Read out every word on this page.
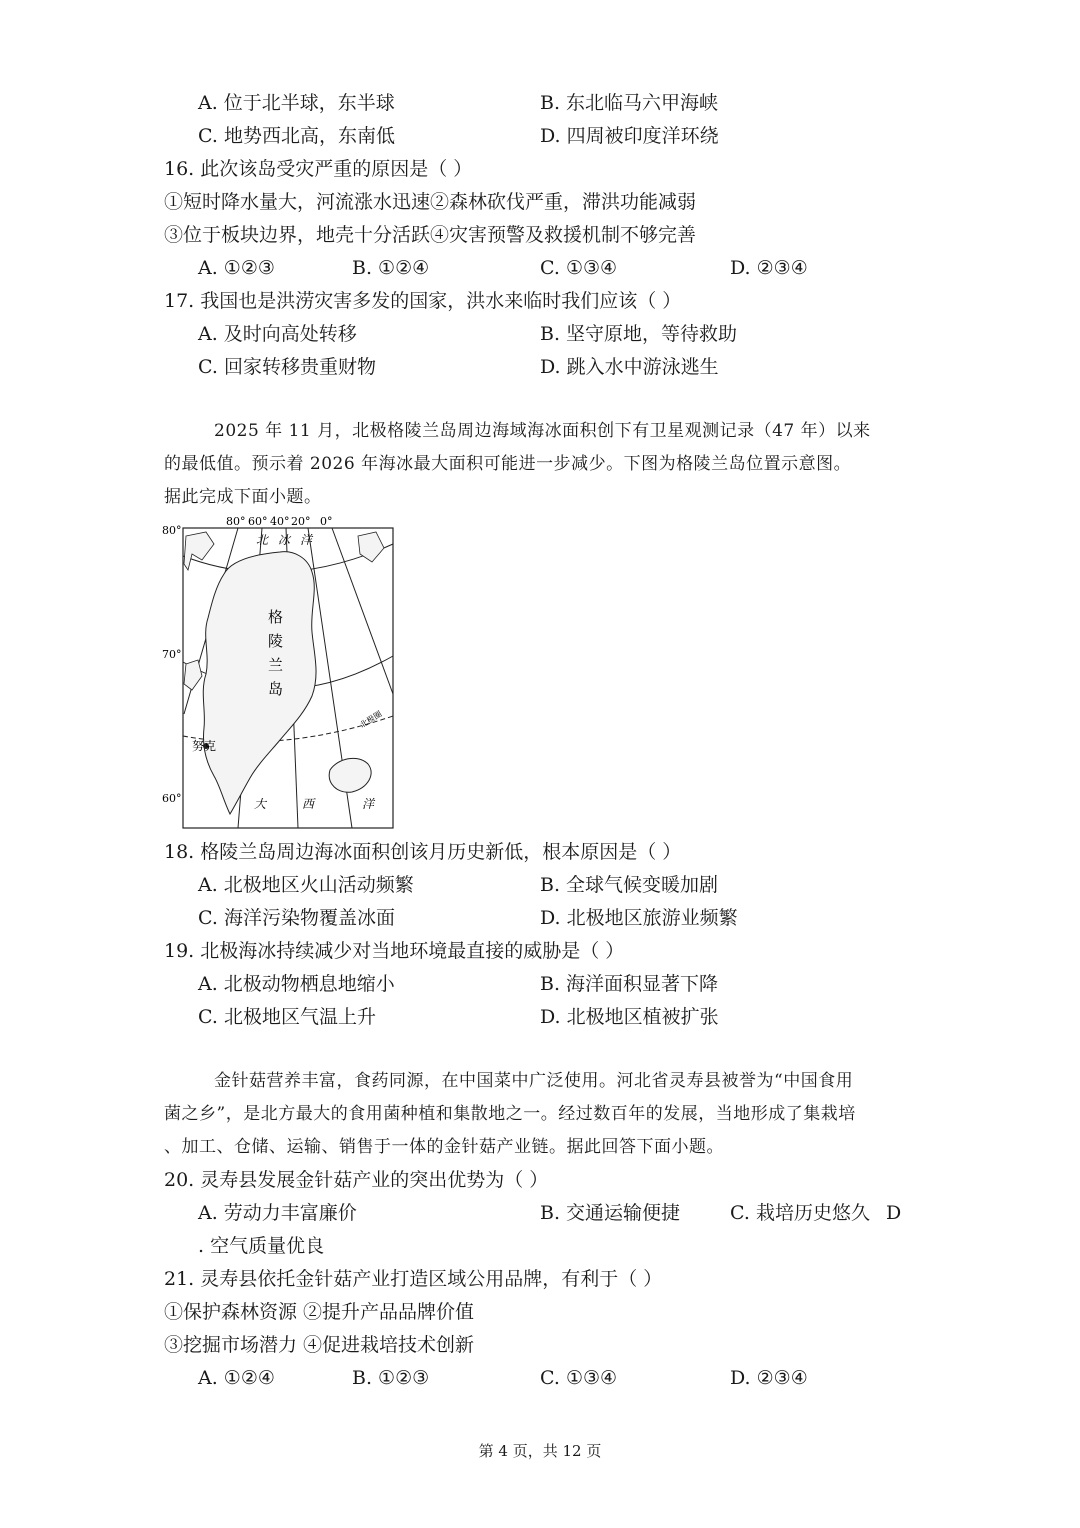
A. 位于北半球，东半球	B. 东北临马六甲海峡
C. 地势西北高，东南低	D. 四周被印度洋环绕
16. 此次该岛受灾严重的原因是（ ）
①短时降水量大，河流涨水迅速②森林砍伐严重，滞洪功能减弱
③位于板块边界，地壳十分活跃④灾害预警及救援机制不够完善
A. ①②③	B. ①②④	C. ①③④	D. ②③④
17. 我国也是洪涝灾害多发的国家，洪水来临时我们应该（ ）
A. 及时向高处转移	B. 坚守原地，等待救助
C. 回家转移贵重财物	D. 跳入水中游泳逃生
2025 年 11 月，北极格陵兰岛周边海域海冰面积创下有卫星观测记录（47 年）以来
的最低值。预示着 2026 年海冰最大面积可能进一步减少。下图为格陵兰岛位置示意图。
据此完成下面小题。
80° 60° 40° 20° 0°
80°
70°
60°
北 冰 洋
格
陵
兰
岛
北极圈
努克
大	西	洋
18. 格陵兰岛周边海冰面积创该月历史新低，根本原因是（ ）
A. 北极地区火山活动频繁	B. 全球气候变暖加剧
C. 海洋污染物覆盖冰面	D. 北极地区旅游业频繁
19. 北极海冰持续减少对当地环境最直接的威胁是（ ）
A. 北极动物栖息地缩小	B. 海洋面积显著下降
C. 北极地区气温上升	D. 北极地区植被扩张
金针菇营养丰富，食药同源，在中国菜中广泛使用。河北省灵寿县被誉为“中国食用
菌之乡”，是北方最大的食用菌种植和集散地之一。经过数百年的发展，当地形成了集栽培
、加工、仓储、运输、销售于一体的金针菇产业链。据此回答下面小题。
20. 灵寿县发展金针菇产业的突出优势为（ ）
A. 劳动力丰富廉价	B. 交通运输便捷	C. 栽培历史悠久 D
. 空气质量优良
21. 灵寿县依托金针菇产业打造区域公用品牌，有利于（ ）
①保护森林资源 ②提升产品品牌价值
③挖掘市场潜力 ④促进栽培技术创新
A. ①②④	B. ①②③	C. ①③④	D. ②③④
第 4 页，共 12 页
